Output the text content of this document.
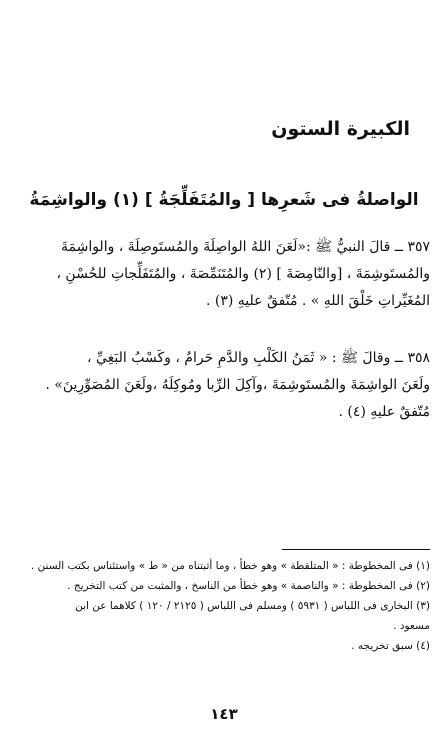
الكبيرة الستون
الواصلةُ فى شَعرِها [ والمُتَفَلِّجَةُ ] (١) والواشِمَةُ
٣٥٧ ــ قالَ النبيُّ ﷺ :«لَعَنَ اللهُ الواصِلَةَ والمُستَوصِلَةَ ، والواشِمَةَ
والمُستَوشِمَةَ ، [والنّامِصَةَ ] (٢) والمُتَنَمِّصَةَ ، والمُتَفَلِّجاتِ للحُسْنِ ،
المُغَيِّراتِ خَلْقَ اللهِ » . مُتّفقٌ عليهِ (٣) .
٣٥٨ ــ وقالَ ﷺ : « ثَمَنُ الكَلْبِ والدَّمِ حَرامٌ ، وكَسْبُ البَغِيِّ ،
ولَعَنَ الواشِمَةَ والمُستَوشِمَةَ ،وآكِلَ الرِّبا ومُوكِلَهُ ،ولَعَنَ المُصَوِّرِينَ» .
مُتّفقٌ عليهِ (٤) .
(١) فى المخطوطة : « المتلقطة » وهو خطأ ، وما أثبتناه من « ط » واستئناس بكتب السنن .
(٢) فى المخطوطة : « والناصمة » وهو خطأ من الناسخ ، والمثبت من كتب التخريج .
(٣) البخارى فى اللباس ( ٥٩٣١ ) ومسلم فى اللباس ( ٢١٢٥ / ١٢٠ ) كلاهما عن ابن
مسعود .
(٤) سبق تخريجه .
١٤٣
